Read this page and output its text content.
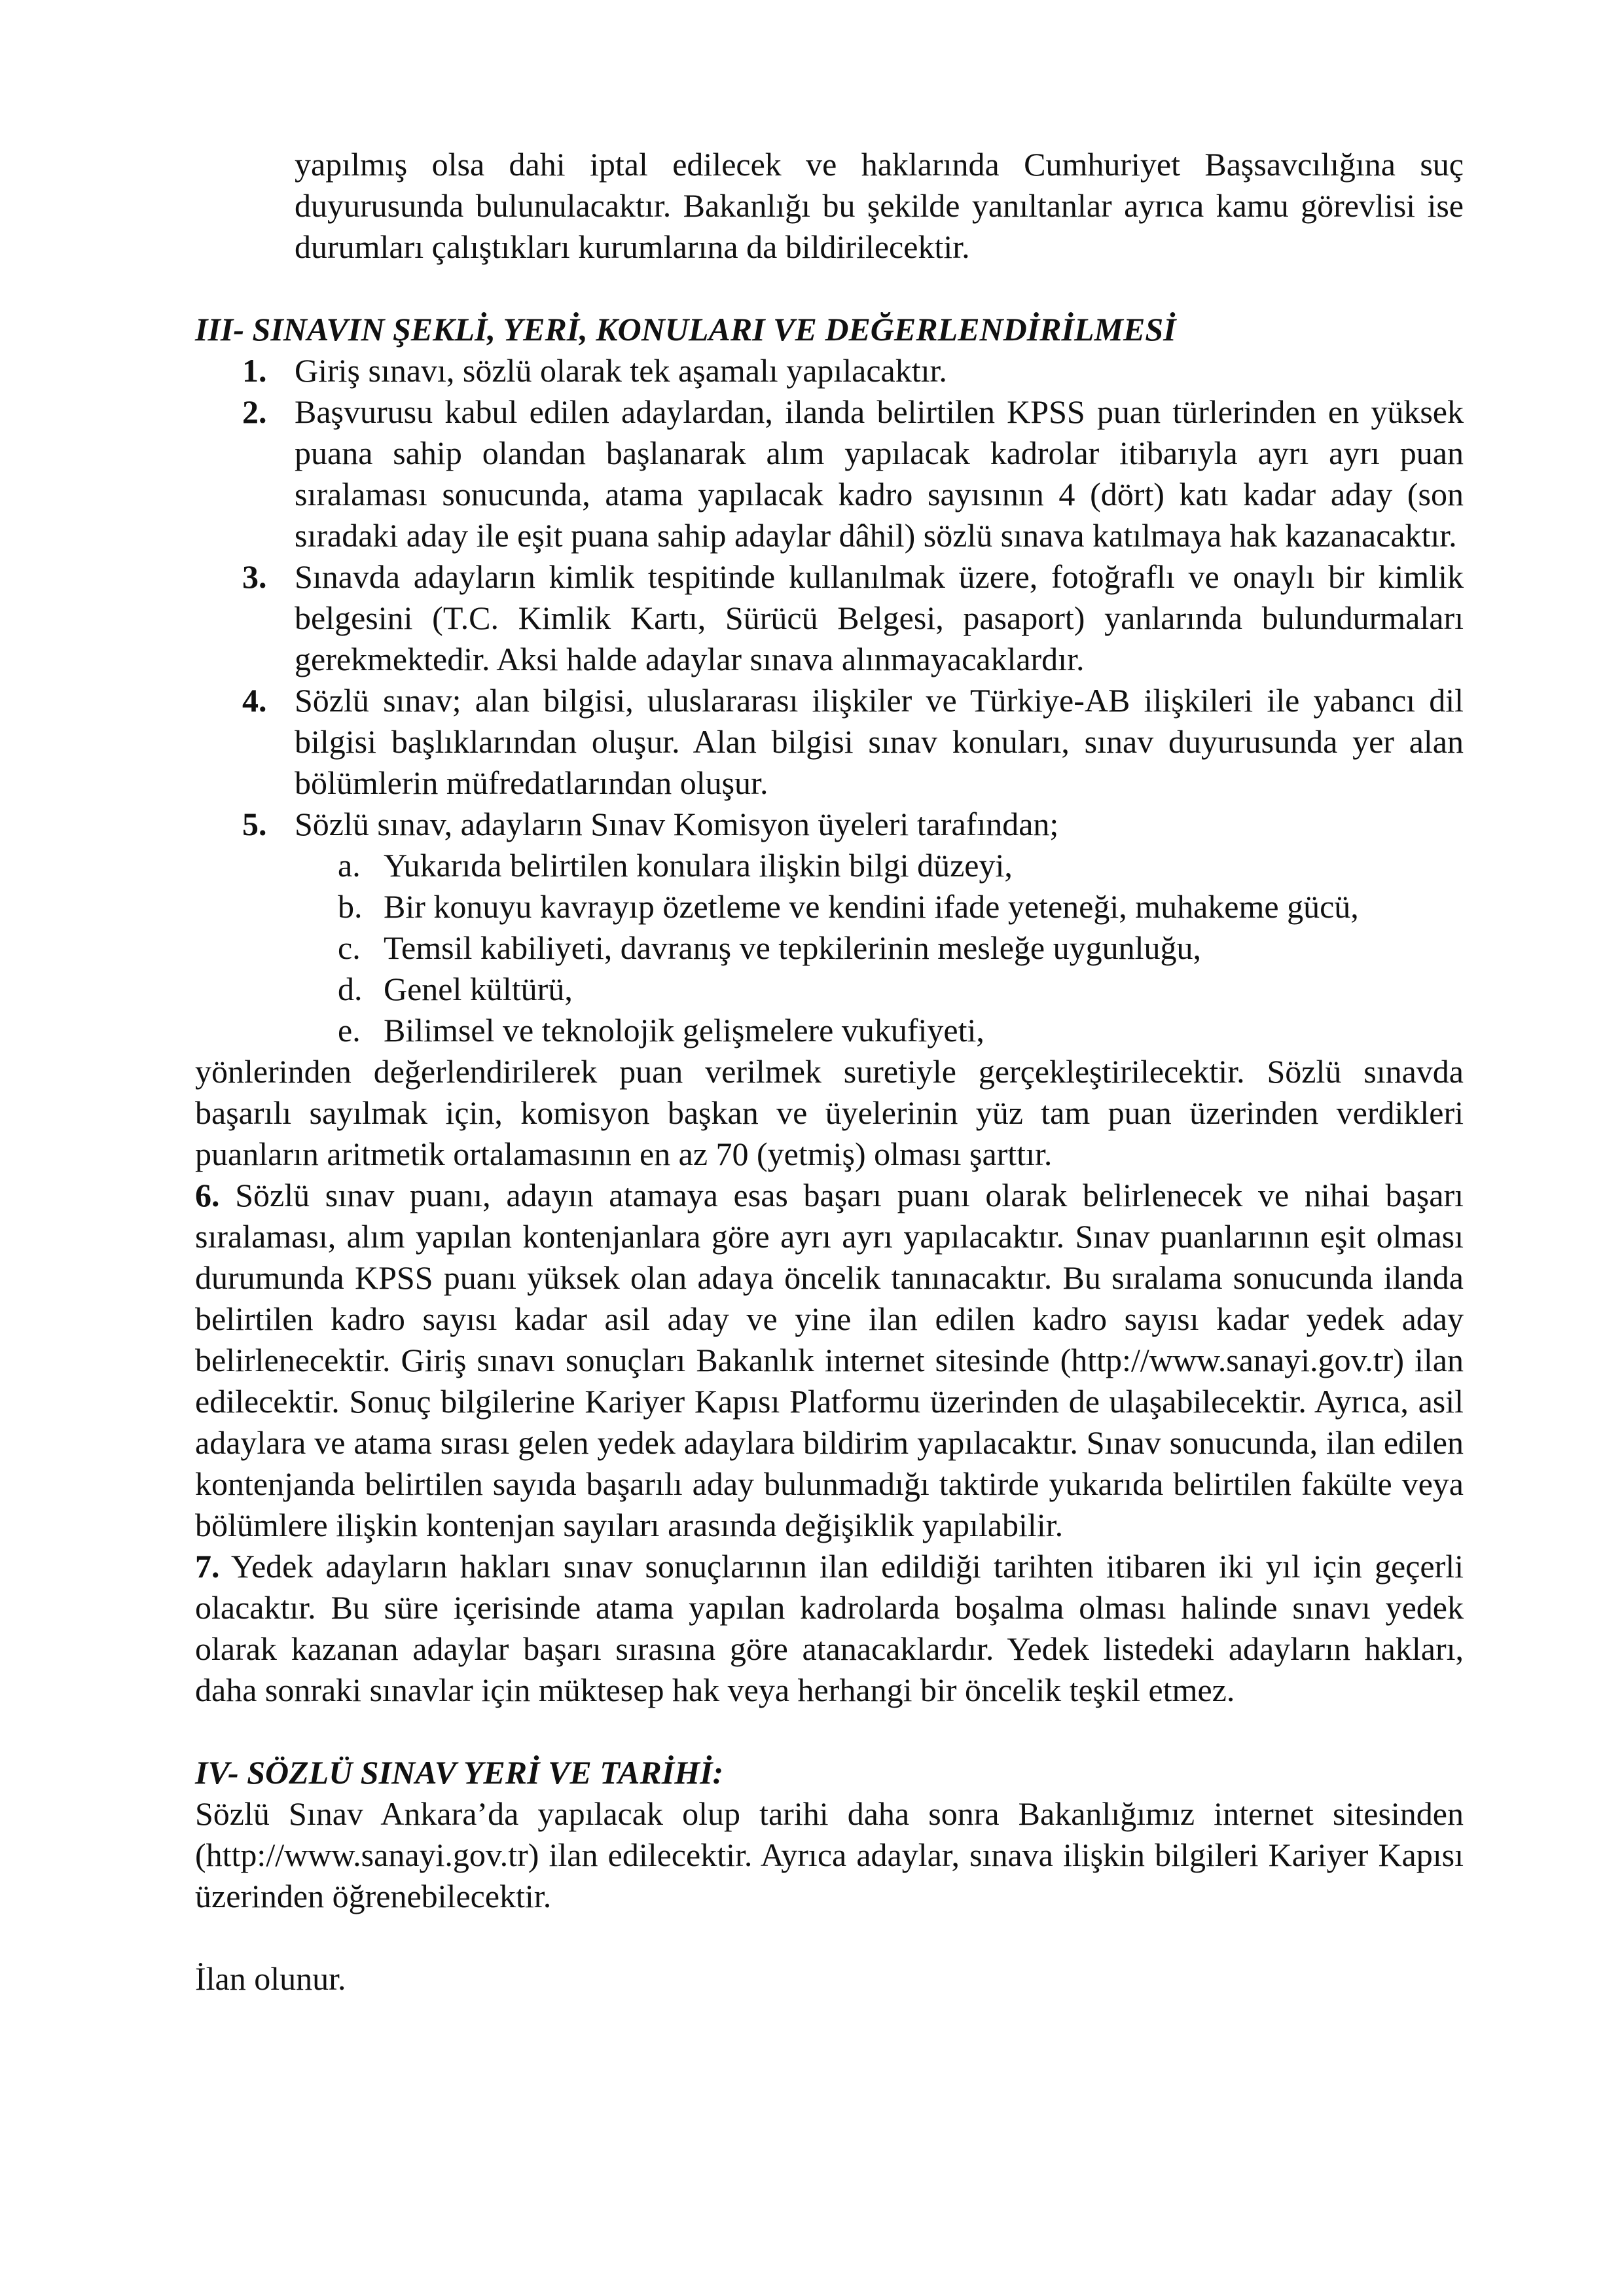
yapılmış olsa dahi iptal edilecek ve haklarında Cumhuriyet Başsavcılığına suç duyurusunda bulunulacaktır. Bakanlığı bu şekilde yanıltanlar ayrıca kamu görevlisi ise durumları çalıştıkları kurumlarına da bildirilecektir.

III- SINAVIN ŞEKLİ, YERİ, KONULARI VE DEĞERLENDİRİLMESİ

1. Giriş sınavı, sözlü olarak tek aşamalı yapılacaktır.
2. Başvurusu kabul edilen adaylardan, ilanda belirtilen KPSS puan türlerinden en yüksek puana sahip olandan başlanarak alım yapılacak kadrolar itibarıyla ayrı ayrı puan sıralaması sonucunda, atama yapılacak kadro sayısının 4 (dört) katı kadar aday (son sıradaki aday ile eşit puana sahip adaylar dâhil) sözlü sınava katılmaya hak kazanacaktır.
3. Sınavda adayların kimlik tespitinde kullanılmak üzere, fotoğraflı ve onaylı bir kimlik belgesini (T.C. Kimlik Kartı, Sürücü Belgesi, pasaport) yanlarında bulundurmaları gerekmektedir. Aksi halde adaylar sınava alınmayacaklardır.
4. Sözlü sınav; alan bilgisi, uluslararası ilişkiler ve Türkiye-AB ilişkileri ile yabancı dil bilgisi başlıklarından oluşur. Alan bilgisi sınav konuları, sınav duyurusunda yer alan bölümlerin müfredatlarından oluşur.
5. Sözlü sınav, adayların Sınav Komisyon üyeleri tarafından;
a. Yukarıda belirtilen konulara ilişkin bilgi düzeyi,
b. Bir konuyu kavrayıp özetleme ve kendini ifade yeteneği, muhakeme gücü,
c. Temsil kabiliyeti, davranış ve tepkilerinin mesleğe uygunluğu,
d. Genel kültürü,
e. Bilimsel ve teknolojik gelişmelere vukufiyeti,

yönlerinden değerlendirilerek puan verilmek suretiyle gerçekleştirilecektir. Sözlü sınavda başarılı sayılmak için, komisyon başkan ve üyelerinin yüz tam puan üzerinden verdikleri puanların aritmetik ortalamasının en az 70 (yetmiş) olması şarttır.

6. Sözlü sınav puanı, adayın atamaya esas başarı puanı olarak belirlenecek ve nihai başarı sıralaması, alım yapılan kontenjanlara göre ayrı ayrı yapılacaktır. Sınav puanlarının eşit olması durumunda KPSS puanı yüksek olan adaya öncelik tanınacaktır. Bu sıralama sonucunda ilanda belirtilen kadro sayısı kadar asil aday ve yine ilan edilen kadro sayısı kadar yedek aday belirlenecektir. Giriş sınavı sonuçları Bakanlık internet sitesinde (http://www.sanayi.gov.tr) ilan edilecektir. Sonuç bilgilerine Kariyer Kapısı Platformu üzerinden de ulaşabilecektir. Ayrıca, asil adaylara ve atama sırası gelen yedek adaylara bildirim yapılacaktır. Sınav sonucunda, ilan edilen kontenjanda belirtilen sayıda başarılı aday bulunmadığı taktirde yukarıda belirtilen fakülte veya bölümlere ilişkin kontenjan sayıları arasında değişiklik yapılabilir.

7. Yedek adayların hakları sınav sonuçlarının ilan edildiği tarihten itibaren iki yıl için geçerli olacaktır. Bu süre içerisinde atama yapılan kadrolarda boşalma olması halinde sınavı yedek olarak kazanan adaylar başarı sırasına göre atanacaklardır. Yedek listedeki adayların hakları, daha sonraki sınavlar için müktesep hak veya herhangi bir öncelik teşkil etmez.

IV- SÖZLÜ SINAV YERİ VE TARİHİ:

Sözlü Sınav Ankara’da yapılacak olup tarihi daha sonra Bakanlığımız internet sitesinden (http://www.sanayi.gov.tr) ilan edilecektir. Ayrıca adaylar, sınava ilişkin bilgileri Kariyer Kapısı üzerinden öğrenebilecektir.

İlan olunur.
